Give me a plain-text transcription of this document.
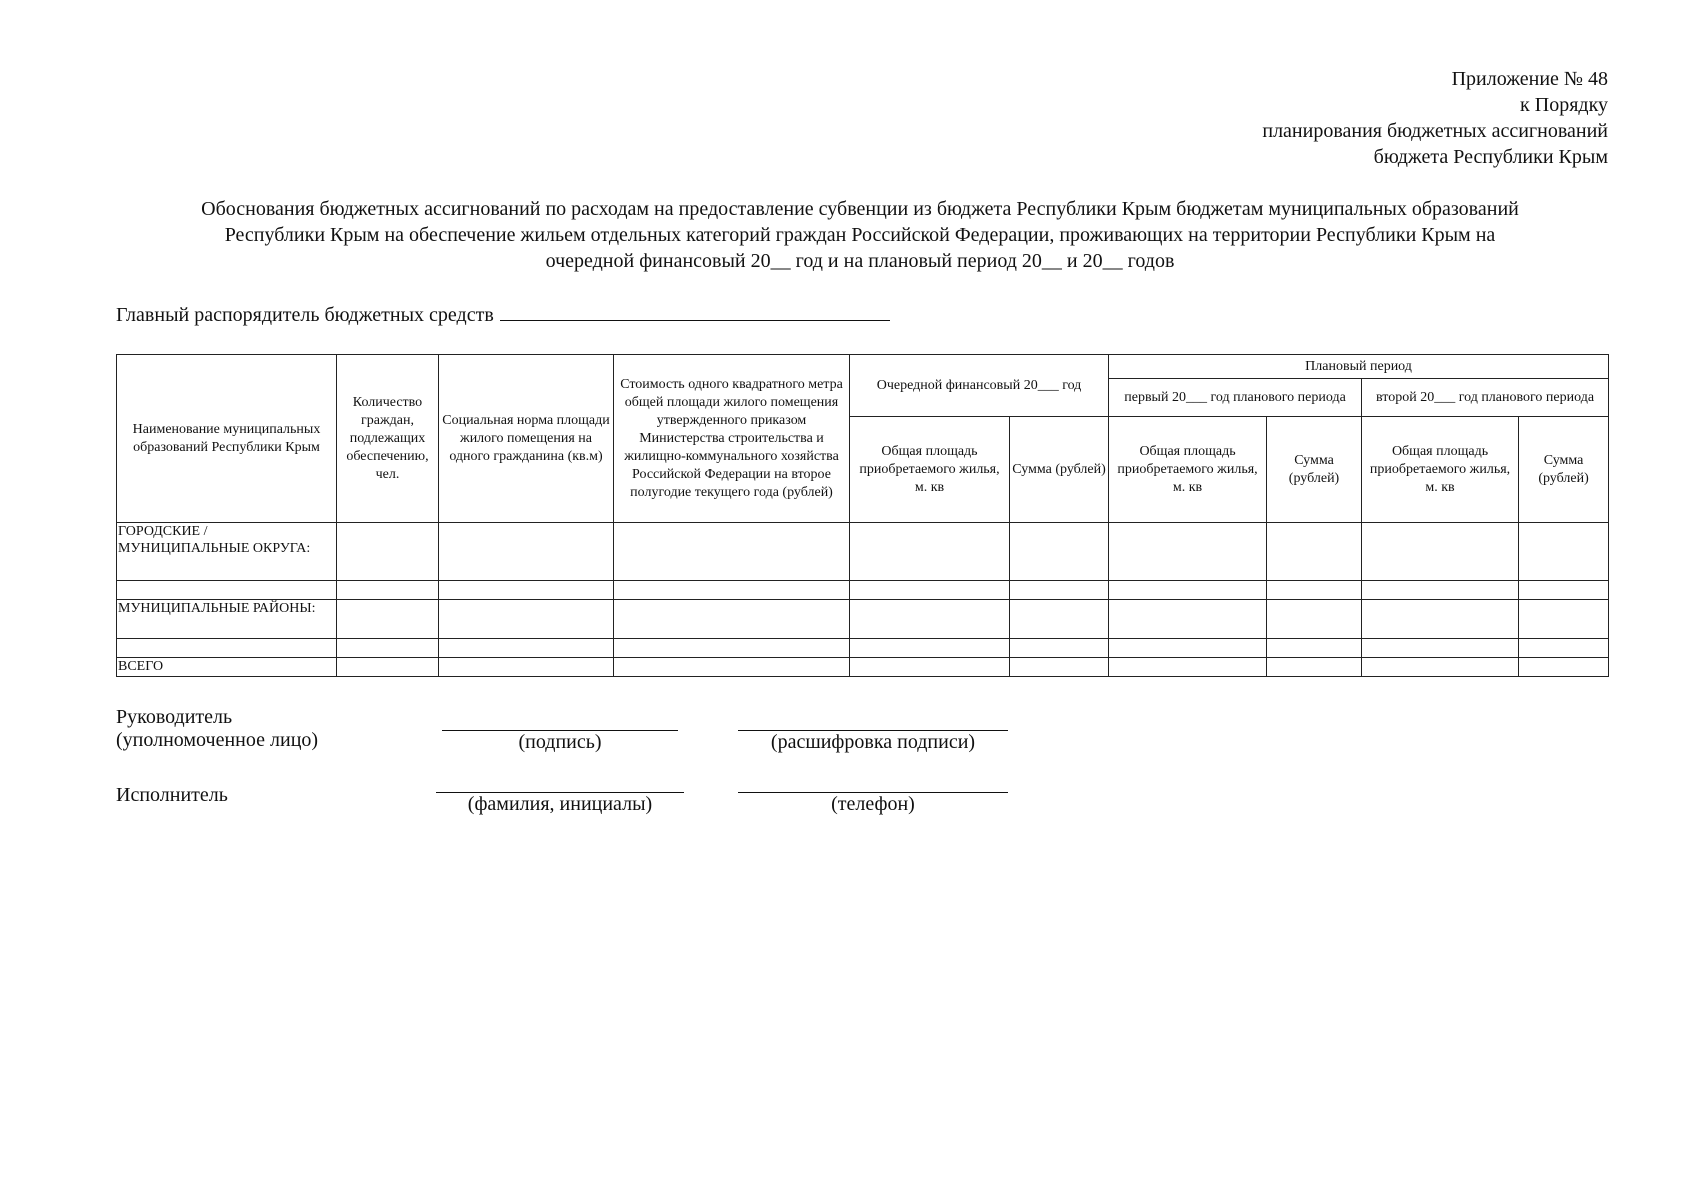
Приложение № 48
к Порядку
планирования бюджетных ассигнований
бюджета Республики Крым
Обоснования бюджетных ассигнований по расходам на предоставление субвенции из бюджета Республики Крым бюджетам муниципальных образований
Республики Крым на обеспечение жильем отдельных категорий граждан Российской Федерации, проживающих на территории Республики Крым на
очередной финансовый 20__ год и на плановый период 20__ и 20__ годов
Главный распорядитель бюджетных средств
Наименование муниципальных образований Республики Крым	Количество граждан, подлежащих обеспечению, чел.	Социальная норма площади жилого помещения на одного гражданина (кв.м)	Стоимость одного квадратного метра общей площади жилого помещения утвержденного приказом Министерства строительства и жилищно-коммунального хозяйства Российской Федерации на второе полугодие текущего года (рублей)	Очередной финансовый 20___ год		Плановый период			
						первый 20___ год планового периода		второй 20___ год планового периода	
				Общая площадь приобретаемого жилья, м. кв	Сумма (рублей)	Общая площадь приобретаемого жилья, м. кв	Сумма (рублей)	Общая площадь приобретаемого жилья, м. кв	Сумма (рублей)
ГОРОДСКИЕ /МУНИЦИПАЛЬНЫЕ ОКРУГА:									

МУНИЦИПАЛЬНЫЕ РАЙОНЫ:									

ВСЕГО									
Руководитель
(уполномоченное лицо)	(подпись)	(расшифровка подписи)
Исполнитель	(фамилия, инициалы)	(телефон)
